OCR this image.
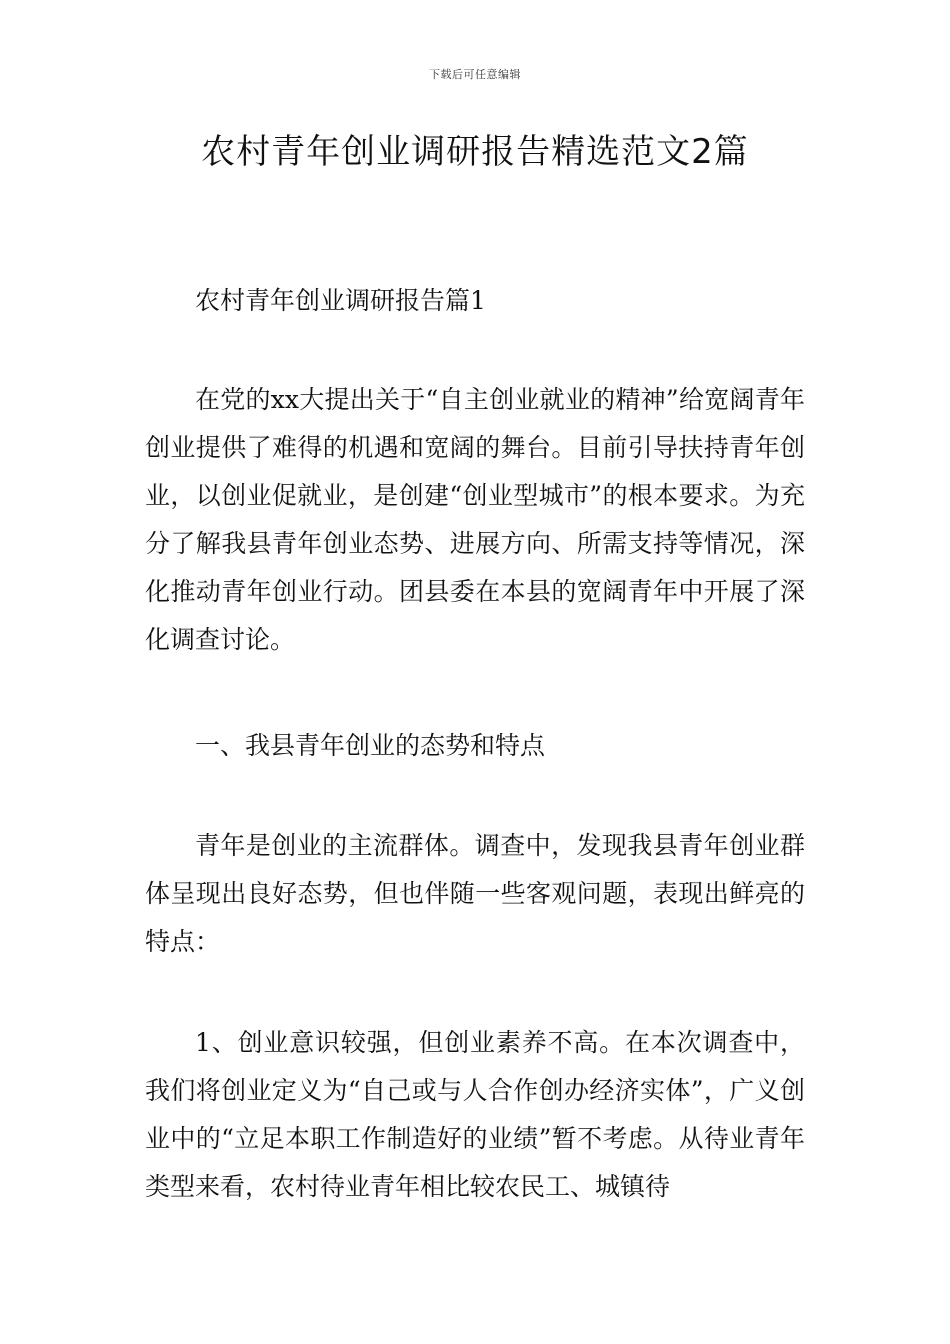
下载后可任意编辑
农村青年创业调研报告精选范文2篇

农村青年创业调研报告篇1

在党的xx大提出关于“自主创业就业的精神”给宽阔青年创业提供了难得的机遇和宽阔的舞台。目前引导扶持青年创业，以创业促就业，是创建“创业型城市”的根本要求。为充分了解我县青年创业态势、进展方向、所需支持等情况，深化推动青年创业行动。团县委在本县的宽阔青年中开展了深化调查讨论。

一、我县青年创业的态势和特点

青年是创业的主流群体。调查中，发现我县青年创业群体呈现出良好态势，但也伴随一些客观问题，表现出鲜亮的特点：

1、创业意识较强，但创业素养不高。在本次调查中，我们将创业定义为“自己或与人合作创办经济实体”，广义创业中的“立足本职工作制造好的业绩”暂不考虑。从待业青年类型来看，农村待业青年相比较农民工、城镇待
